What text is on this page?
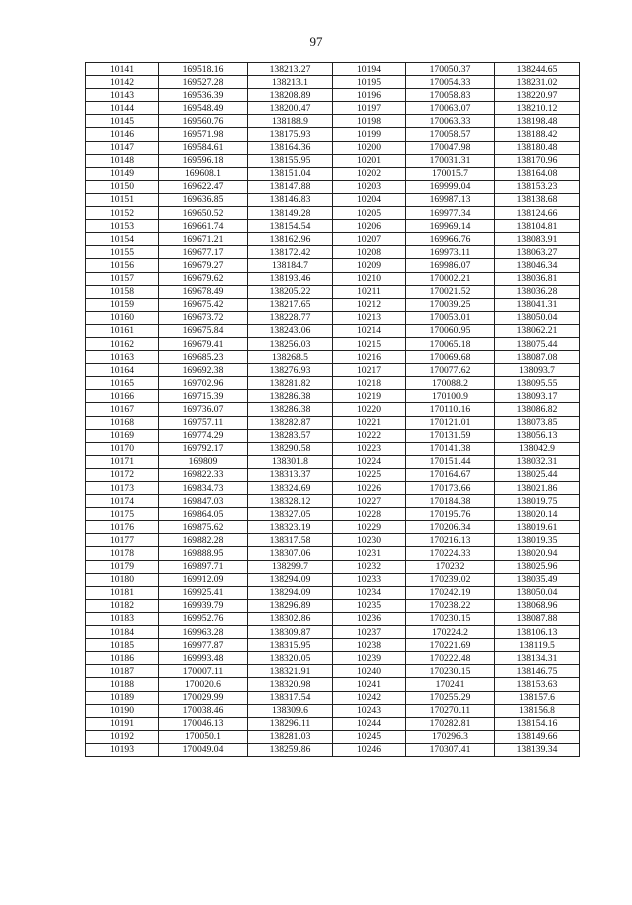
97
10141	169518.16	138213.27	10194	170050.37	138244.65
10142	169527.28	138213.1	10195	170054.33	138231.02
10143	169536.39	138208.89	10196	170058.83	138220.97
10144	169548.49	138200.47	10197	170063.07	138210.12
10145	169560.76	138188.9	10198	170063.33	138198.48
10146	169571.98	138175.93	10199	170058.57	138188.42
10147	169584.61	138164.36	10200	170047.98	138180.48
10148	169596.18	138155.95	10201	170031.31	138170.96
10149	169608.1	138151.04	10202	170015.7	138164.08
10150	169622.47	138147.88	10203	169999.04	138153.23
10151	169636.85	138146.83	10204	169987.13	138138.68
10152	169650.52	138149.28	10205	169977.34	138124.66
10153	169661.74	138154.54	10206	169969.14	138104.81
10154	169671.21	138162.96	10207	169966.76	138083.91
10155	169677.17	138172.42	10208	169973.11	138063.27
10156	169679.27	138184.7	10209	169986.07	138046.34
10157	169679.62	138193.46	10210	170002.21	138036.81
10158	169678.49	138205.22	10211	170021.52	138036.28
10159	169675.42	138217.65	10212	170039.25	138041.31
10160	169673.72	138228.77	10213	170053.01	138050.04
10161	169675.84	138243.06	10214	170060.95	138062.21
10162	169679.41	138256.03	10215	170065.18	138075.44
10163	169685.23	138268.5	10216	170069.68	138087.08
10164	169692.38	138276.93	10217	170077.62	138093.7
10165	169702.96	138281.82	10218	170088.2	138095.55
10166	169715.39	138286.38	10219	170100.9	138093.17
10167	169736.07	138286.38	10220	170110.16	138086.82
10168	169757.11	138282.87	10221	170121.01	138073.85
10169	169774.29	138283.57	10222	170131.59	138056.13
10170	169792.17	138290.58	10223	170141.38	138042.9
10171	169809	138301.8	10224	170151.44	138032.31
10172	169822.33	138313.37	10225	170164.67	138025.44
10173	169834.73	138324.69	10226	170173.66	138021.86
10174	169847.03	138328.12	10227	170184.38	138019.75
10175	169864.05	138327.05	10228	170195.76	138020.14
10176	169875.62	138323.19	10229	170206.34	138019.61
10177	169882.28	138317.58	10230	170216.13	138019.35
10178	169888.95	138307.06	10231	170224.33	138020.94
10179	169897.71	138299.7	10232	170232	138025.96
10180	169912.09	138294.09	10233	170239.02	138035.49
10181	169925.41	138294.09	10234	170242.19	138050.04
10182	169939.79	138296.89	10235	170238.22	138068.96
10183	169952.76	138302.86	10236	170230.15	138087.88
10184	169963.28	138309.87	10237	170224.2	138106.13
10185	169977.87	138315.95	10238	170221.69	138119.5
10186	169993.48	138320.05	10239	170222.48	138134.31
10187	170007.11	138321.91	10240	170230.15	138146.75
10188	170020.6	138320.98	10241	170241	138153.63
10189	170029.99	138317.54	10242	170255.29	138157.6
10190	170038.46	138309.6	10243	170270.11	138156.8
10191	170046.13	138296.11	10244	170282.81	138154.16
10192	170050.1	138281.03	10245	170296.3	138149.66
10193	170049.04	138259.86	10246	170307.41	138139.34
